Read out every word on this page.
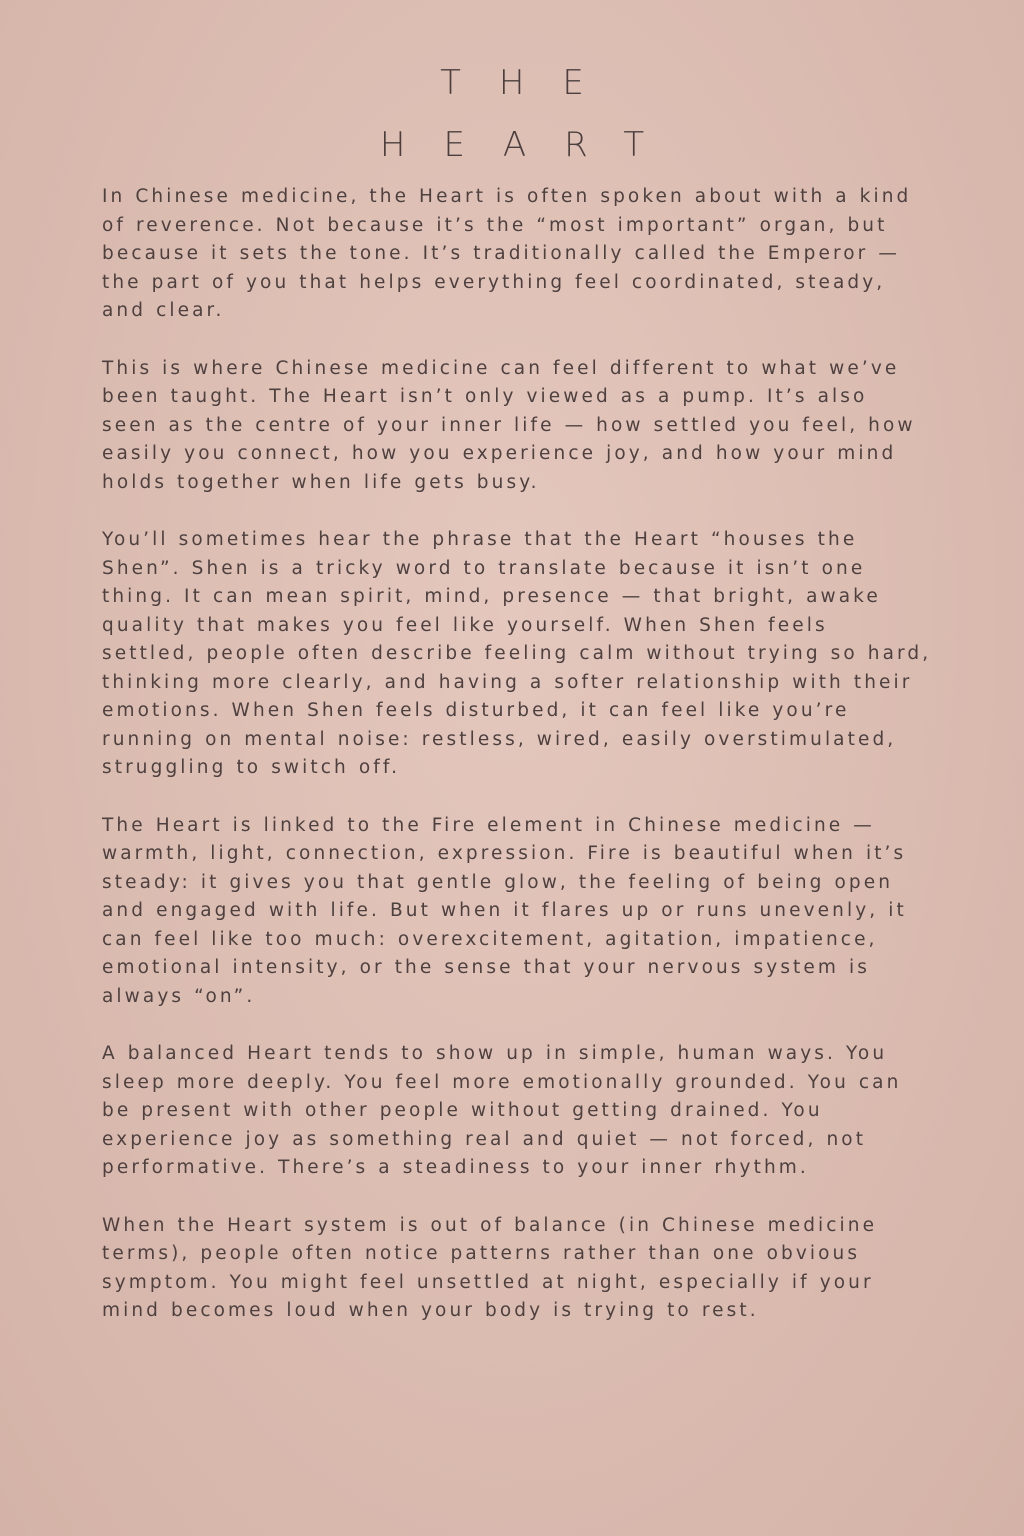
THE
HEART

In Chinese medicine, the Heart is often spoken about with a kind of reverence. Not because it’s the “most important” organ, but because it sets the tone. It’s traditionally called the Emperor — the part of you that helps everything feel coordinated, steady, and clear.

This is where Chinese medicine can feel different to what we’ve been taught. The Heart isn’t only viewed as a pump. It’s also seen as the centre of your inner life — how settled you feel, how easily you connect, how you experience joy, and how your mind holds together when life gets busy.

You’ll sometimes hear the phrase that the Heart “houses the Shen”. Shen is a tricky word to translate because it isn’t one thing. It can mean spirit, mind, presence — that bright, awake quality that makes you feel like yourself. When Shen feels settled, people often describe feeling calm without trying so hard, thinking more clearly, and having a softer relationship with their emotions. When Shen feels disturbed, it can feel like you’re running on mental noise: restless, wired, easily overstimulated, struggling to switch off.

The Heart is linked to the Fire element in Chinese medicine — warmth, light, connection, expression. Fire is beautiful when it’s steady: it gives you that gentle glow, the feeling of being open and engaged with life. But when it flares up or runs unevenly, it can feel like too much: overexcitement, agitation, impatience, emotional intensity, or the sense that your nervous system is always “on”.

A balanced Heart tends to show up in simple, human ways. You sleep more deeply. You feel more emotionally grounded. You can be present with other people without getting drained. You experience joy as something real and quiet — not forced, not performative. There’s a steadiness to your inner rhythm.

When the Heart system is out of balance (in Chinese medicine terms), people often notice patterns rather than one obvious symptom. You might feel unsettled at night, especially if your mind becomes loud when your body is trying to rest.
